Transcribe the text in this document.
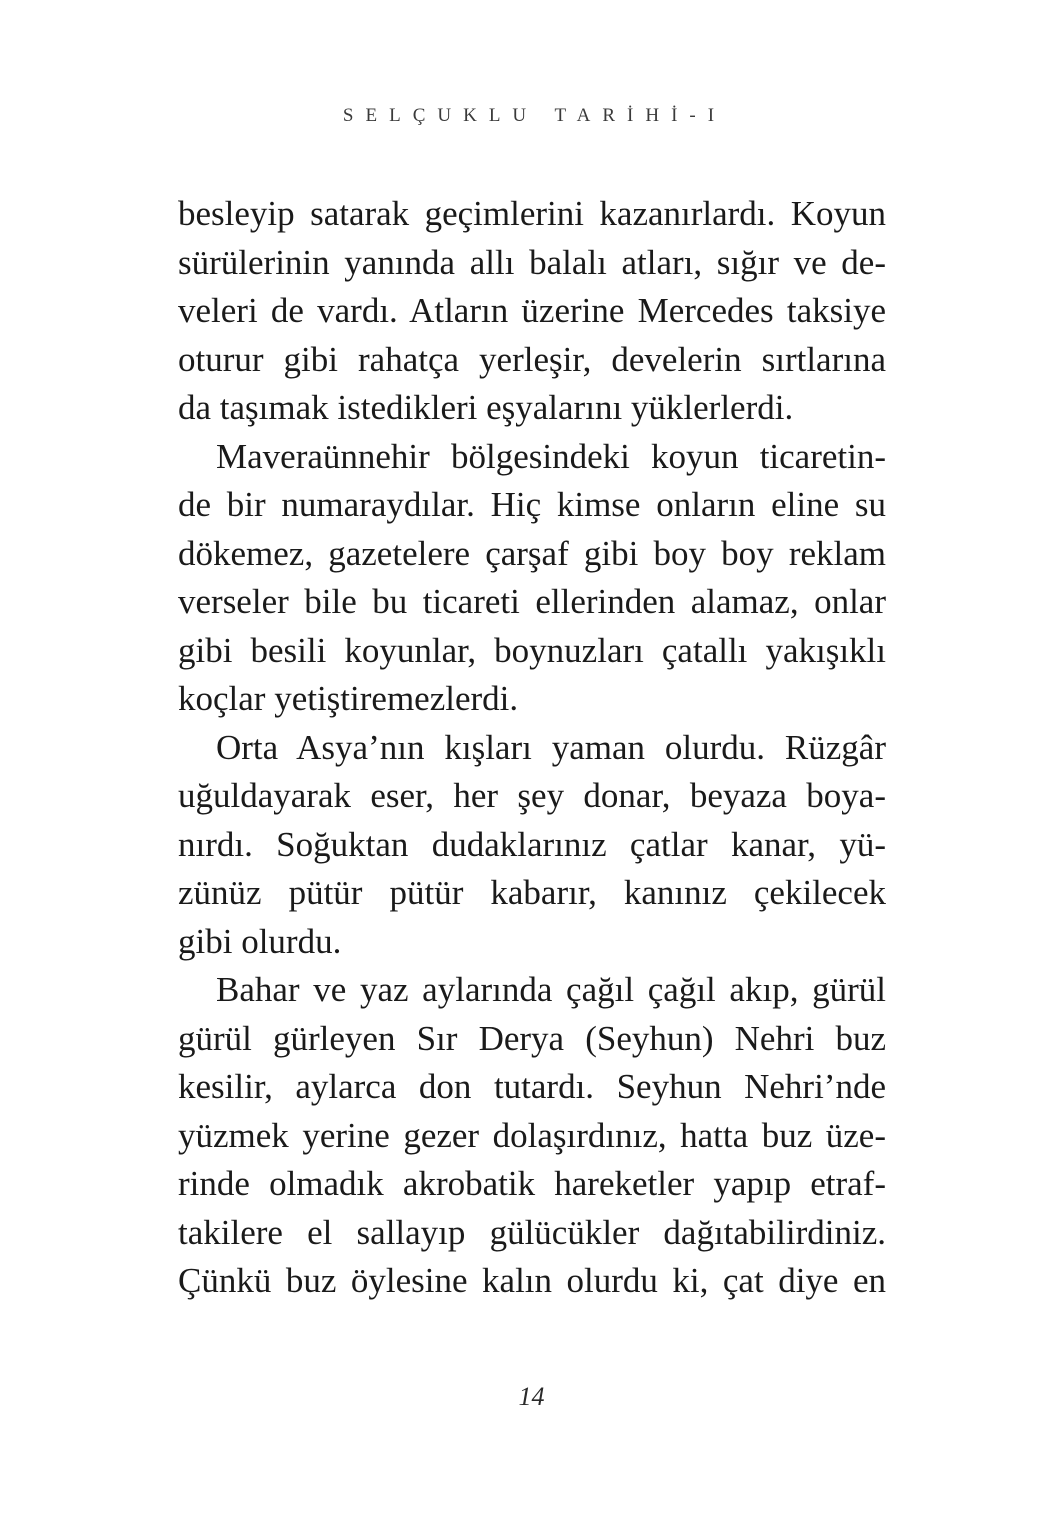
SELÇUKLU TARİHİ-I
besleyip satarak geçimlerini kazanırlardı. Koyun
sürülerinin yanında allı balalı atları, sığır ve de-
veleri de vardı. Atların üzerine Mercedes taksiye
oturur gibi rahatça yerleşir, develerin sırtlarına
da taşımak istedikleri eşyalarını yüklerlerdi.
Maveraünnehir bölgesindeki koyun ticaretin-
de bir numaraydılar. Hiç kimse onların eline su
dökemez, gazetelere çarşaf gibi boy boy reklam
verseler bile bu ticareti ellerinden alamaz, onlar
gibi besili koyunlar, boynuzları çatallı yakışıklı
koçlar yetiştiremezlerdi.
Orta Asya’nın kışları yaman olurdu. Rüzgâr
uğuldayarak eser, her şey donar, beyaza boya-
nırdı. Soğuktan dudaklarınız çatlar kanar, yü-
zünüz pütür pütür kabarır, kanınız çekilecek
gibi olurdu.
Bahar ve yaz aylarında çağıl çağıl akıp, gürül
gürül gürleyen Sır Derya (Seyhun) Nehri buz
kesilir, aylarca don tutardı. Seyhun Nehri’nde
yüzmek yerine gezer dolaşırdınız, hatta buz üze-
rinde olmadık akrobatik hareketler yapıp etraf-
takilere el sallayıp gülücükler dağıtabilirdiniz.
Çünkü buz öylesine kalın olurdu ki, çat diye en
14
